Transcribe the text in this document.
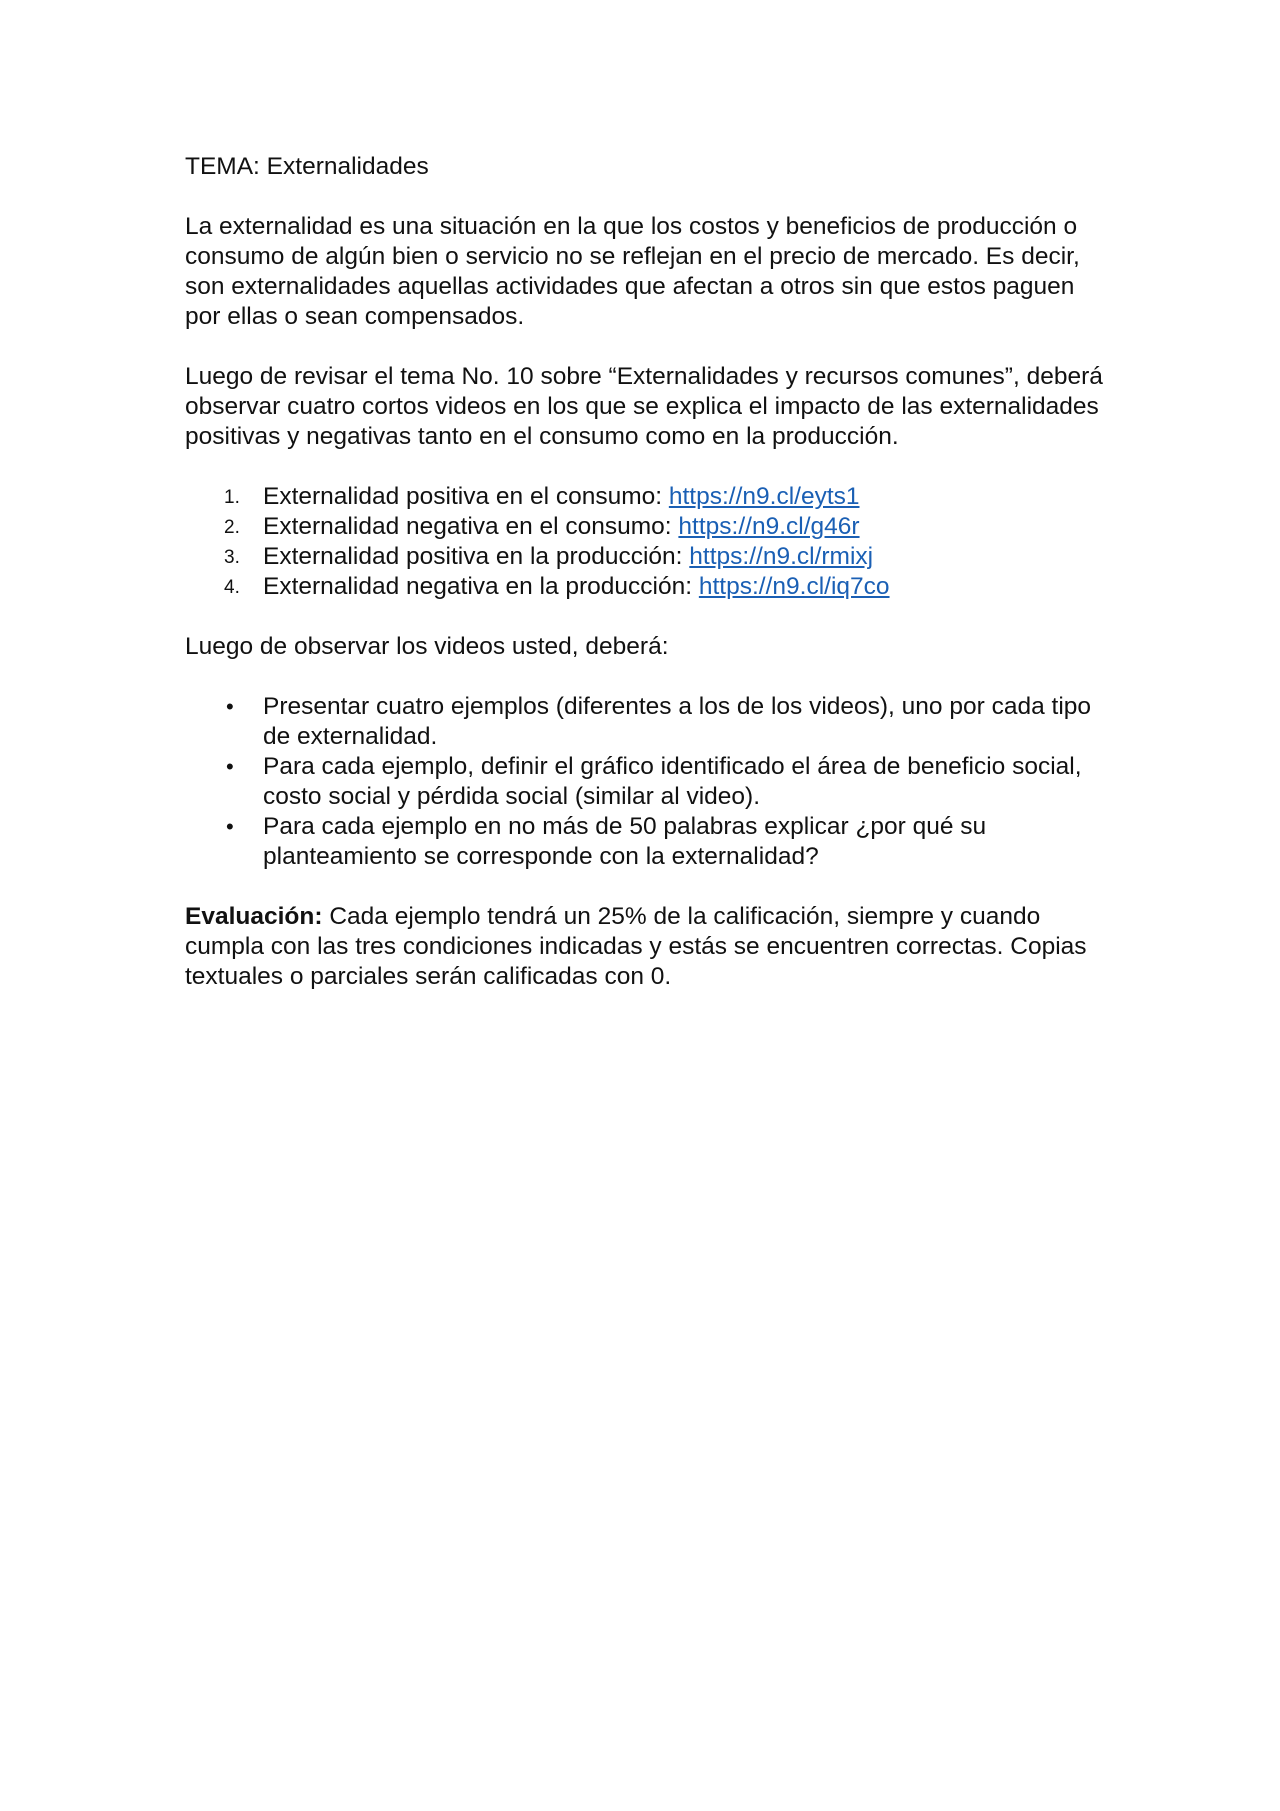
TEMA: Externalidades

La externalidad es una situación en la que los costos y beneficios de producción o consumo de algún bien o servicio no se reflejan en el precio de mercado. Es decir, son externalidades aquellas actividades que afectan a otros sin que estos paguen por ellas o sean compensados.

Luego de revisar el tema No. 10 sobre “Externalidades y recursos comunes”, deberá observar cuatro cortos videos en los que se explica el impacto de las externalidades positivas y negativas tanto en el consumo como en la producción.

1. Externalidad positiva en el consumo: https://n9.cl/eyts1
2. Externalidad negativa en el consumo: https://n9.cl/g46r
3. Externalidad positiva en la producción: https://n9.cl/rmixj
4. Externalidad negativa en la producción: https://n9.cl/iq7co

Luego de observar los videos usted, deberá:

• Presentar cuatro ejemplos (diferentes a los de los videos), uno por cada tipo de externalidad.
• Para cada ejemplo, definir el gráfico identificado el área de beneficio social, costo social y pérdida social (similar al video).
• Para cada ejemplo en no más de 50 palabras explicar ¿por qué su planteamiento se corresponde con la externalidad?

Evaluación: Cada ejemplo tendrá un 25% de la calificación, siempre y cuando cumpla con las tres condiciones indicadas y estás se encuentren correctas. Copias textuales o parciales serán calificadas con 0.
